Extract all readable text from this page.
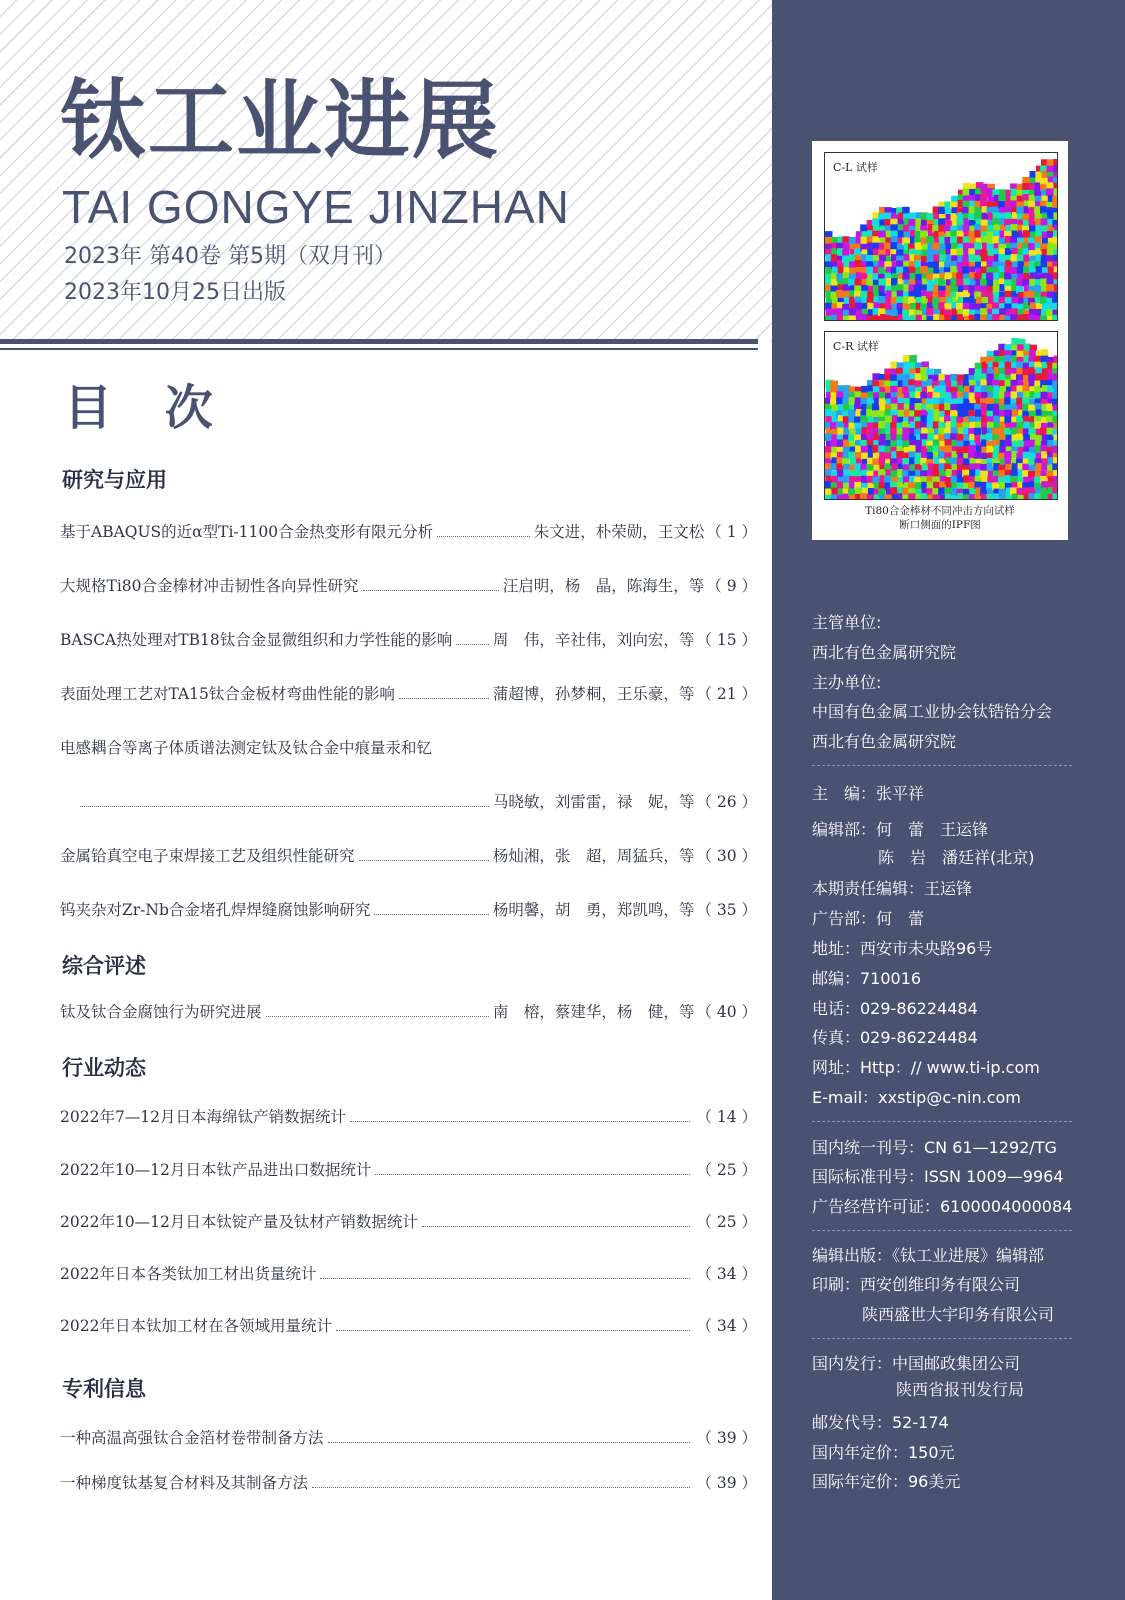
钛工业进展
TAI GONGYE JINZHAN
2023年 第40卷 第5期（双月刊）
2023年10月25日出版
目 次
研究与应用
综合评述
行业动态
专利信息
基于ABAQUS的近α型Ti-1100合金热变形有限元分析	朱文进，朴荣勋，王文松 （ 1 ）
大规格Ti80合金棒材冲击韧性各向异性研究	汪启明，杨　晶，陈海生，等 （ 9 ）
BASCA热处理对TB18钛合金显微组织和力学性能的影响	周　伟，辛社伟，刘向宏，等 （ 15 ）
表面处理工艺对TA15钛合金板材弯曲性能的影响	蒲超博，孙梦桐，王乐豪，等 （ 21 ）
电感耦合等离子体质谱法测定钛及钛合金中痕量汞和钇
马晓敏，刘雷雷，禄　妮，等 （ 26 ）
金属铪真空电子束焊接工艺及组织性能研究	杨灿湘，张　超，周猛兵，等 （ 30 ）
钨夹杂对Zr-Nb合金堵孔焊焊缝腐蚀影响研究	杨明馨，胡　勇，郑凯鸣，等 （ 35 ）
钛及钛合金腐蚀行为研究进展	南　榕，蔡建华，杨　健，等 （ 40 ）
2022年7—12月日本海绵钛产销数据统计	（ 14 ）
2022年10—12月日本钛产品进出口数据统计	（ 25 ）
2022年10—12月日本钛锭产量及钛材产销数据统计	（ 25 ）
2022年日本各类钛加工材出货量统计	（ 34 ）
2022年日本钛加工材在各领域用量统计	（ 34 ）
一种高温高强钛合金箔材卷带制备方法	（ 39 ）
一种梯度钛基复合材料及其制备方法	（ 39 ）
C-L 试样
C-R 试样
Ti80合金棒材不同冲击方向试样
断口侧面的IPF图
主管单位:
西北有色金属研究院
主办单位:
中国有色金属工业协会钛锆铪分会
西北有色金属研究院
主　编：张平祥
编辑部：何　蕾　王运锋
陈　岩　潘廷祥(北京)
本期责任编辑：王运锋
广告部：何　蕾
地址：西安市未央路96号
邮编：710016
电话：029-86224484
传真：029-86224484
网址：Http：// www.ti-ip.com
E-mail：xxstip@c-nin.com
国内统一刊号：CN 61—1292/TG
国际标准刊号：ISSN 1009—9964
广告经营许可证：6100004000084
编辑出版：《钛工业进展》编辑部
印刷：西安创维印务有限公司
陕西盛世大宇印务有限公司
国内发行：中国邮政集团公司
陕西省报刊发行局
邮发代号：52-174
国内年定价：150元
国际年定价：96美元
